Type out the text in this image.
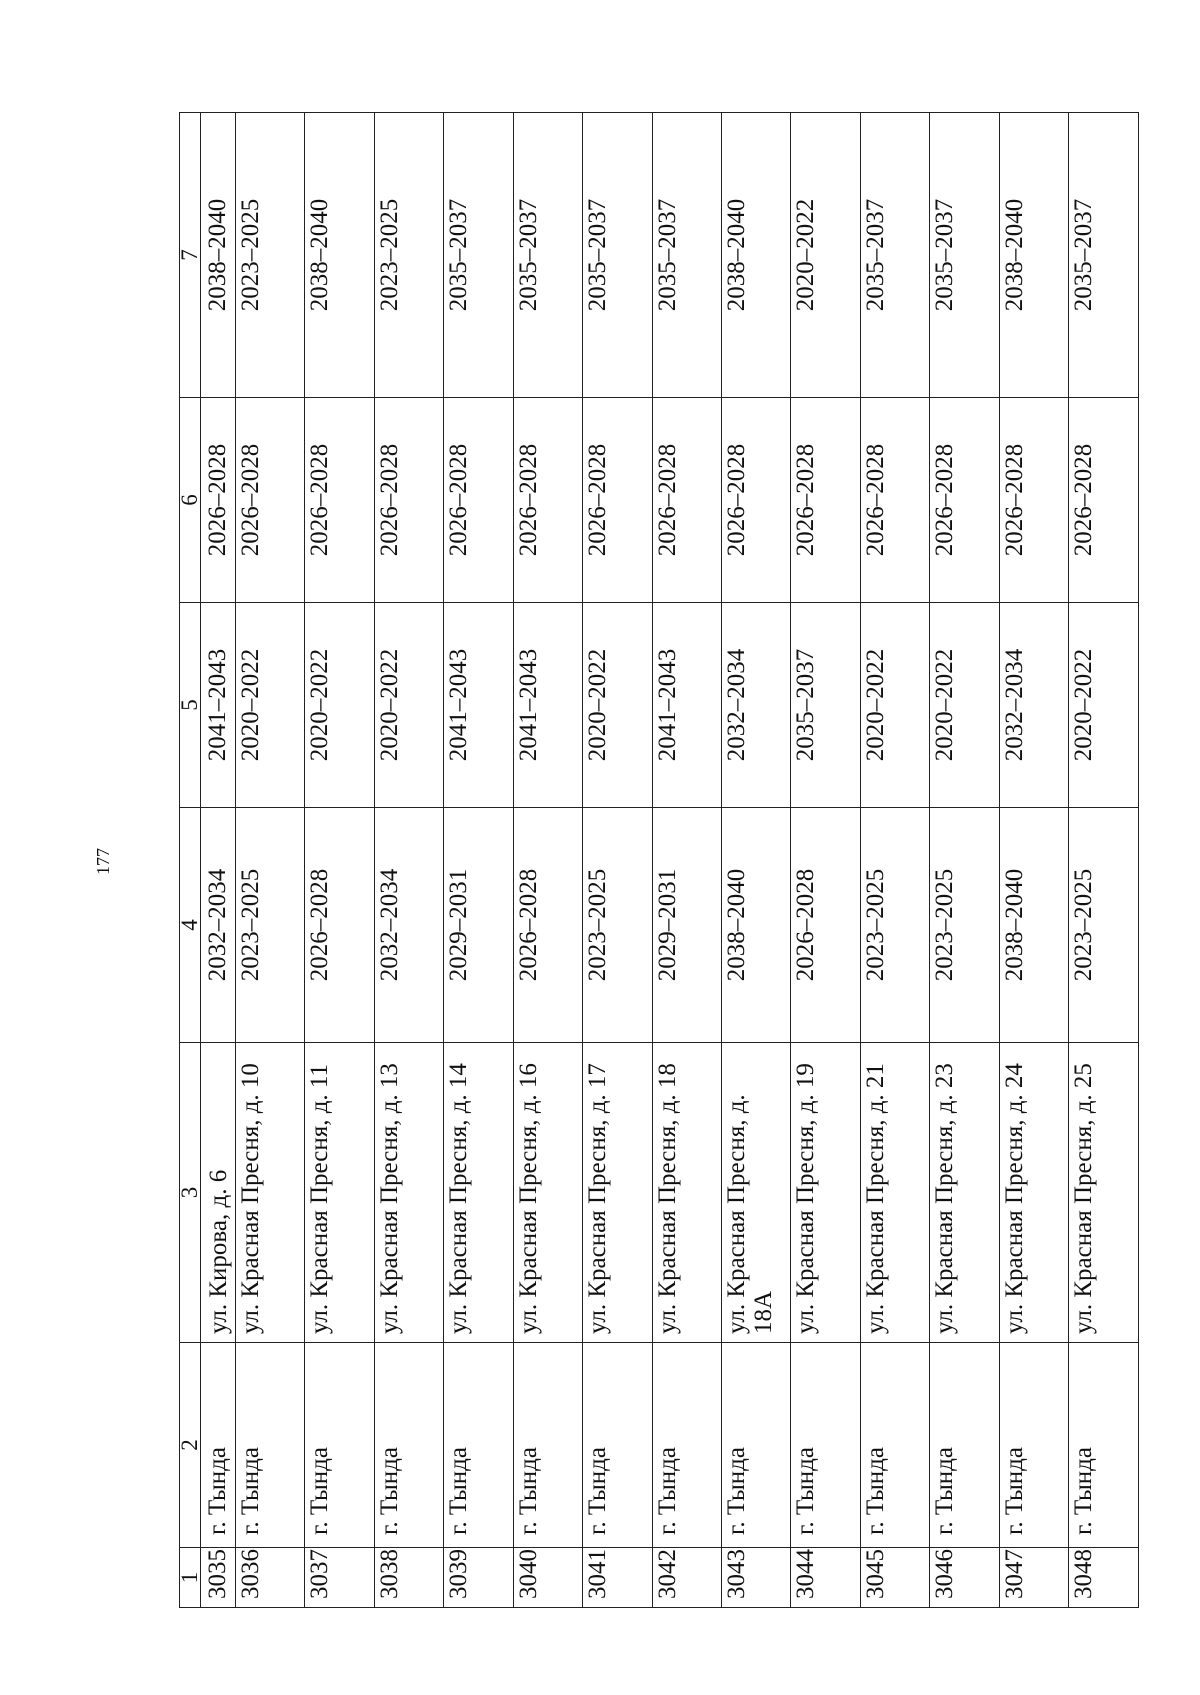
177
1	2	3	4	5	6	7
3035	г. Тында	ул. Кирова, д. 6	2032–2034	2041–2043	2026–2028	2038–2040
3036	г. Тында	ул. Красная Пресня, д. 10	2023–2025	2020–2022	2026–2028	2023–2025
3037	г. Тында	ул. Красная Пресня, д. 11	2026–2028	2020–2022	2026–2028	2038–2040
3038	г. Тында	ул. Красная Пресня, д. 13	2032–2034	2020–2022	2026–2028	2023–2025
3039	г. Тында	ул. Красная Пресня, д. 14	2029–2031	2041–2043	2026–2028	2035–2037
3040	г. Тында	ул. Красная Пресня, д. 16	2026–2028	2041–2043	2026–2028	2035–2037
3041	г. Тында	ул. Красная Пресня, д. 17	2023–2025	2020–2022	2026–2028	2035–2037
3042	г. Тында	ул. Красная Пресня, д. 18	2029–2031	2041–2043	2026–2028	2035–2037
3043	г. Тында	ул. Красная Пресня, д. 18А	2038–2040	2032–2034	2026–2028	2038–2040
3044	г. Тында	ул. Красная Пресня, д. 19	2026–2028	2035–2037	2026–2028	2020–2022
3045	г. Тында	ул. Красная Пресня, д. 21	2023–2025	2020–2022	2026–2028	2035–2037
3046	г. Тында	ул. Красная Пресня, д. 23	2023–2025	2020–2022	2026–2028	2035–2037
3047	г. Тында	ул. Красная Пресня, д. 24	2038–2040	2032–2034	2026–2028	2038–2040
3048	г. Тында	ул. Красная Пресня, д. 25	2023–2025	2020–2022	2026–2028	2035–2037
